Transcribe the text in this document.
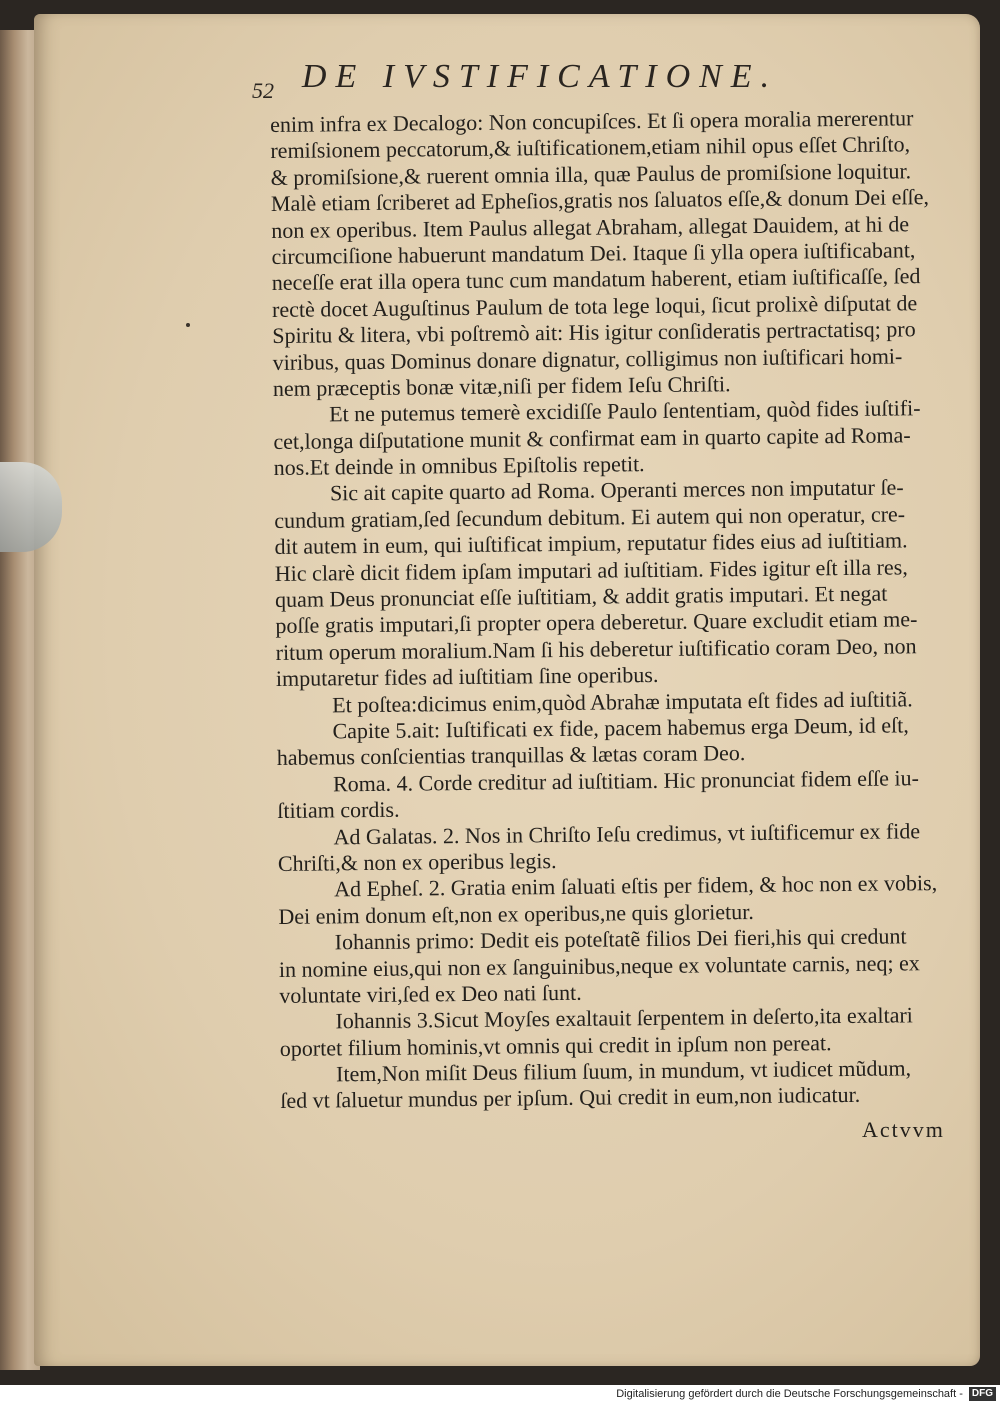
DE IVSTIFICATIONE.
52
enim infra ex Decalogo: Non concupiſces. Et ſi opera moralia mererentur
remiſsionem peccatorum,& iuſtificationem,etiam nihil opus eſſet Chriſto,
& promiſsione,& ruerent omnia illa, quæ Paulus de promiſsione loquitur.
Malè etiam ſcriberet ad Epheſios,gratis nos ſaluatos eſſe,& donum Dei eſſe,
non ex operibus. Item Paulus allegat Abraham, allegat Dauidem, at hi de
circumciſione habuerunt mandatum Dei. Itaque ſi ylla opera iuſtificabant,
neceſſe erat illa opera tunc cum mandatum haberent, etiam iuſtificaſſe, ſed
rectè docet Auguſtinus Paulum de tota lege loqui, ſicut prolixè diſputat de
Spiritu & litera, vbi poſtremò ait: His igitur conſideratis pertractatisq; pro
viribus, quas Dominus donare dignatur, colligimus non iuſtificari homi-
nem præceptis bonæ vitæ,niſi per fidem Ieſu Chriſti.
Et ne putemus temerè excidiſſe Paulo ſententiam, quòd fides iuſtifi-
cet,longa diſputatione munit & confirmat eam in quarto capite ad Roma-
nos.Et deinde in omnibus Epiſtolis repetit.
Sic ait capite quarto ad Roma. Operanti merces non imputatur ſe-
cundum gratiam,ſed ſecundum debitum. Ei autem qui non operatur, cre-
dit autem in eum, qui iuſtificat impium, reputatur fides eius ad iuſtitiam.
Hic clarè dicit fidem ipſam imputari ad iuſtitiam. Fides igitur eſt illa res,
quam Deus pronunciat eſſe iuſtitiam, & addit gratis imputari. Et negat
poſſe gratis imputari,ſi propter opera deberetur. Quare excludit etiam me-
ritum operum moralium.Nam ſi his deberetur iuſtificatio coram Deo, non
imputaretur fides ad iuſtitiam ſine operibus.
Et poſtea:dicimus enim,quòd Abrahæ imputata eſt fides ad iuſtitiã.
Capite 5.ait: Iuſtificati ex fide, pacem habemus erga Deum, id eſt,
habemus conſcientias tranquillas & lætas coram Deo.
Roma. 4. Corde creditur ad iuſtitiam. Hic pronunciat fidem eſſe iu-
ſtitiam cordis.
Ad Galatas. 2. Nos in Chriſto Ieſu credimus, vt iuſtificemur ex fide
Chriſti,& non ex operibus legis.
Ad Epheſ. 2. Gratia enim ſaluati eſtis per fidem, & hoc non ex vobis,
Dei enim donum eſt,non ex operibus,ne quis glorietur.
Iohannis primo: Dedit eis poteſtatẽ filios Dei fieri,his qui credunt
in nomine eius,qui non ex ſanguinibus,neque ex voluntate carnis, neq; ex
voluntate viri,ſed ex Deo nati ſunt.
Iohannis 3.Sicut Moyſes exaltauit ſerpentem in deſerto,ita exaltari
oportet filium hominis,vt omnis qui credit in ipſum non pereat.
Item,Non miſit Deus filium ſuum, in mundum, vt iudicet mũdum,
ſed vt ſaluetur mundus per ipſum. Qui credit in eum,non iudicatur.
Actvvm
Digitalisierung gefördert durch die Deutsche Forschungsgemeinschaft - DFG
